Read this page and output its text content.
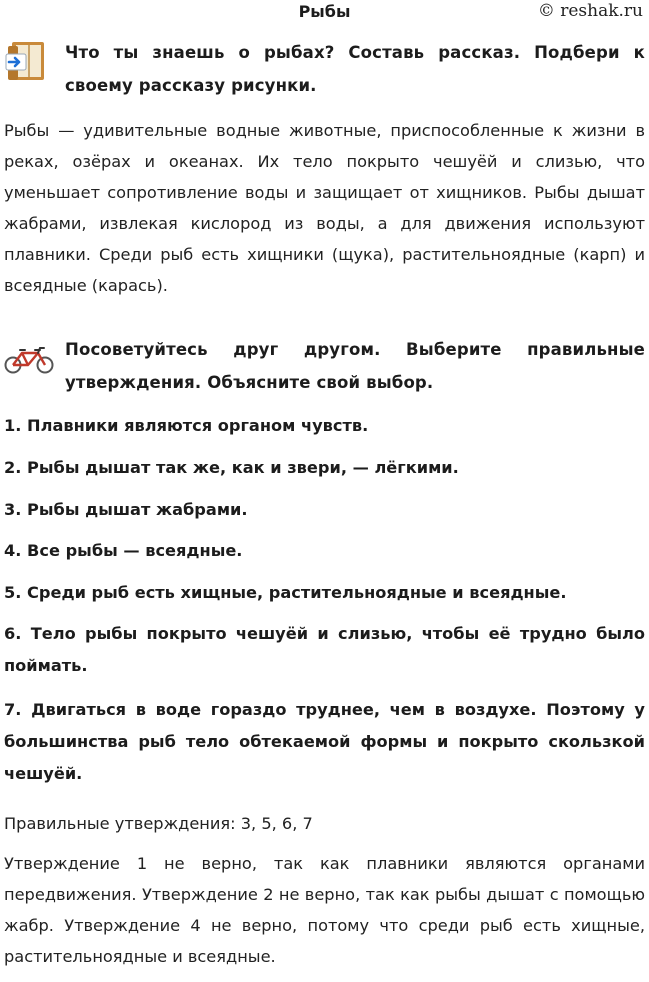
Рыбы	© reshak.ru
Что ты знаешь о рыбах? Составь рассказ. Подбери к своему рассказу рисунки.
Рыбы — удивительные водные животные, приспособленные к жизни в реках, озёрах и океанах. Их тело покрыто чешуёй и слизью, что уменьшает сопротивление воды и защищает от хищников. Рыбы дышат жабрами, извлекая кислород из воды, а для движения используют плавники. Среди рыб есть хищники (щука), растительноядные (карп) и всеядные (карась).
Посоветуйтесь друг другом. Выберите правильные утверждения. Объясните свой выбор.
1. Плавники являются органом чувств.
2. Рыбы дышат так же, как и звери, — лёгкими.
3. Рыбы дышат жабрами.
4. Все рыбы — всеядные.
5. Среди рыб есть хищные, растительноядные и всеядные.
6. Тело рыбы покрыто чешуёй и слизью, чтобы её трудно было поймать.
7. Двигаться в воде гораздо труднее, чем в воздухе. Поэтому у большинства рыб тело обтекаемой формы и покрыто скользкой чешуёй.
Правильные утверждения: 3, 5, 6, 7
Утверждение 1 не верно, так как плавники являются органами передвижения. Утверждение 2 не верно, так как рыбы дышат с помощью жабр. Утверждение 4 не верно, потому что среди рыб есть хищные, растительноядные и всеядные.
